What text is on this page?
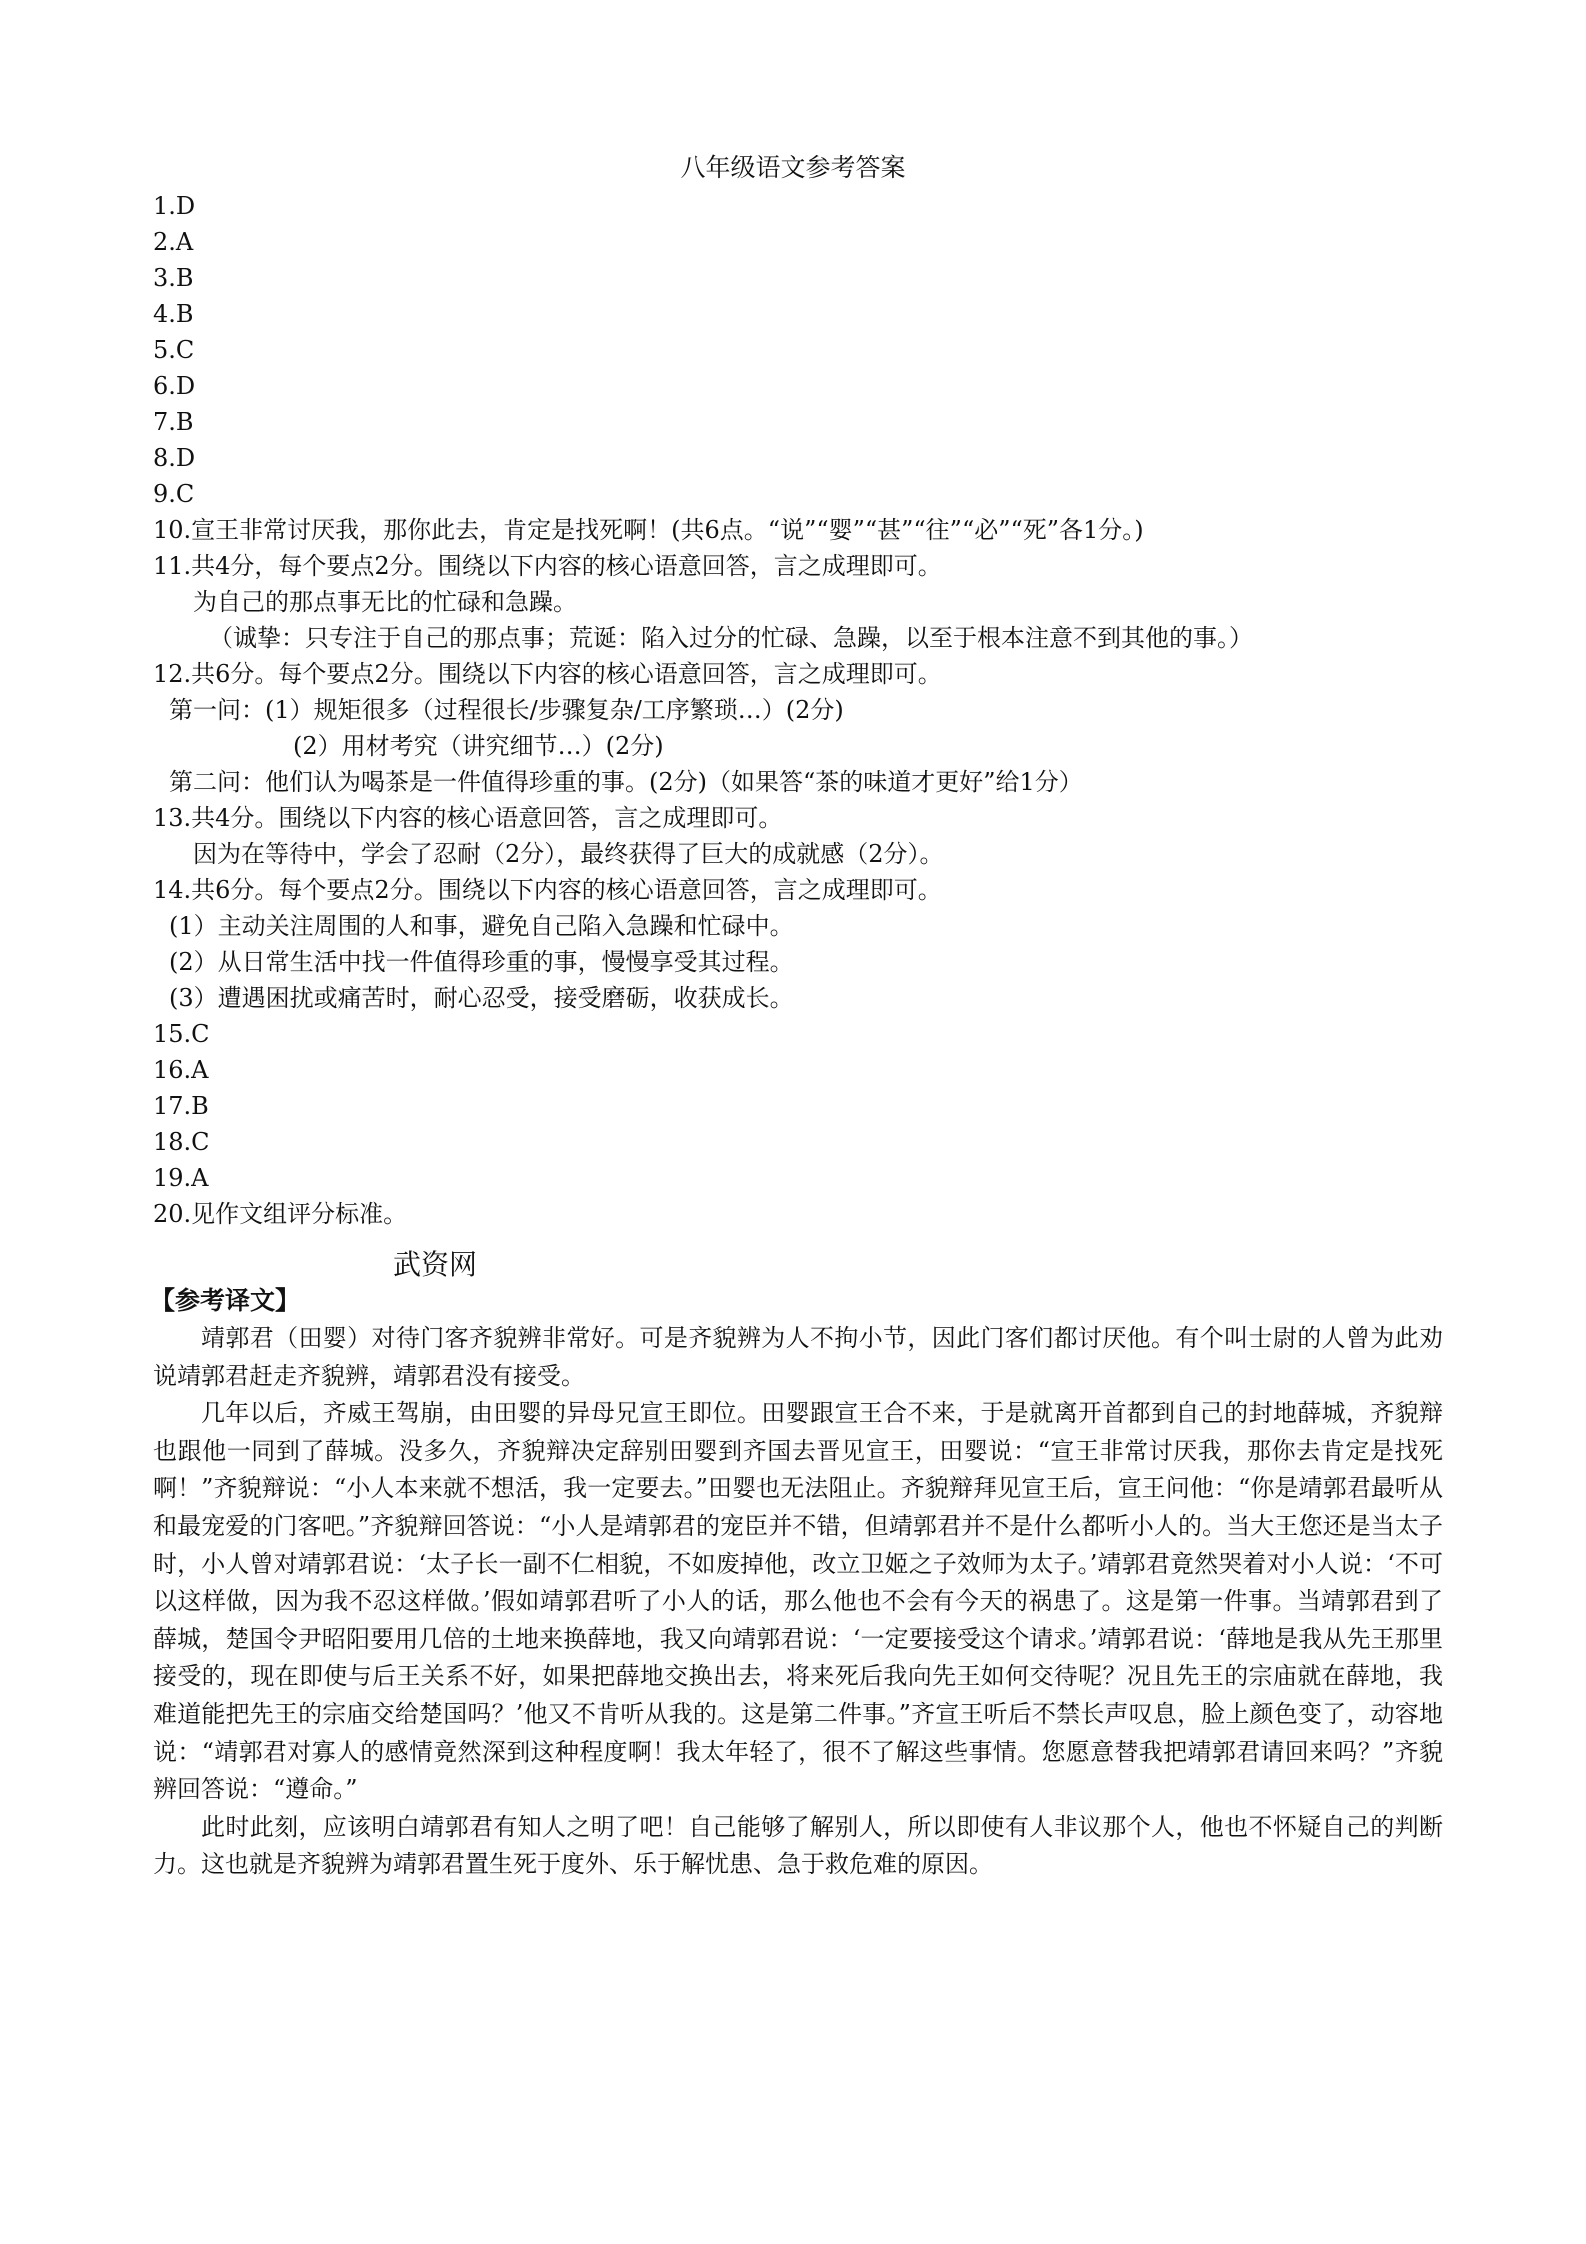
八年级语文参考答案
1.D
2.A
3.B
4.B
5.C
6.D
7.B
8.D
9.C
10.宣王非常讨厌我，那你此去，肯定是找死啊！(共6点。“说”“婴”“甚”“往”“必”“死”各1分。)
11.共4分，每个要点2分。围绕以下内容的核心语意回答，言之成理即可。
为自己的那点事无比的忙碌和急躁。
（诚挚：只专注于自己的那点事；荒诞：陷入过分的忙碌、急躁，以至于根本注意不到其他的事。）
12.共6分。每个要点2分。围绕以下内容的核心语意回答，言之成理即可。
第一问：(1）规矩很多（过程很长/步骤复杂/工序繁琐…）(2分)
(2）用材考究（讲究细节…）(2分)
第二问：他们认为喝茶是一件值得珍重的事。(2分)（如果答“茶的味道才更好”给1分）
13.共4分。围绕以下内容的核心语意回答，言之成理即可。
因为在等待中，学会了忍耐（2分），最终获得了巨大的成就感（2分）。
14.共6分。每个要点2分。围绕以下内容的核心语意回答，言之成理即可。
(1）主动关注周围的人和事，避免自己陷入急躁和忙碌中。
(2）从日常生活中找一件值得珍重的事，慢慢享受其过程。
(3）遭遇困扰或痛苦时，耐心忍受，接受磨砺，收获成长。
15.C
16.A
17.B
18.C
19.A
20.见作文组评分标准。
武资网
【参考译文】

靖郭君（田婴）对待门客齐貌辨非常好。可是齐貌辨为人不拘小节，因此门客们都讨厌他。有个叫士尉的人曾为此劝说靖郭君赶走齐貌辨，靖郭君没有接受。

几年以后，齐威王驾崩，由田婴的异母兄宣王即位。田婴跟宣王合不来，于是就离开首都到自己的封地薛城，齐貌辩也跟他一同到了薛城。没多久，齐貌辩决定辞别田婴到齐国去晋见宣王，田婴说：“宣王非常讨厌我，那你去肯定是找死啊！”齐貌辩说：“小人本来就不想活，我一定要去。”田婴也无法阻止。齐貌辩拜见宣王后，宣王问他：“你是靖郭君最听从和最宠爱的门客吧。”齐貌辩回答说：“小人是靖郭君的宠臣并不错，但靖郭君并不是什么都听小人的。当大王您还是当太子时，小人曾对靖郭君说：‘太子长一副不仁相貌，不如废掉他，改立卫姬之子效师为太子。’靖郭君竟然哭着对小人说：‘不可以这样做，因为我不忍这样做。’假如靖郭君听了小人的话，那么他也不会有今天的祸患了。这是第一件事。当靖郭君到了薛城，楚国令尹昭阳要用几倍的土地来换薛地，我又向靖郭君说：‘一定要接受这个请求。’靖郭君说：‘薛地是我从先王那里接受的，现在即使与后王关系不好，如果把薛地交换出去，将来死后我向先王如何交待呢？况且先王的宗庙就在薛地，我难道能把先王的宗庙交给楚国吗？’他又不肯听从我的。这是第二件事。”齐宣王听后不禁长声叹息，脸上颜色变了，动容地说：“靖郭君对寡人的感情竟然深到这种程度啊！我太年轻了，很不了解这些事情。您愿意替我把靖郭君请回来吗？”齐貌辨回答说：“遵命。”

此时此刻，应该明白靖郭君有知人之明了吧！自己能够了解别人，所以即使有人非议那个人，他也不怀疑自己的判断力。这也就是齐貌辨为靖郭君置生死于度外、乐于解忧患、急于救危难的原因。
